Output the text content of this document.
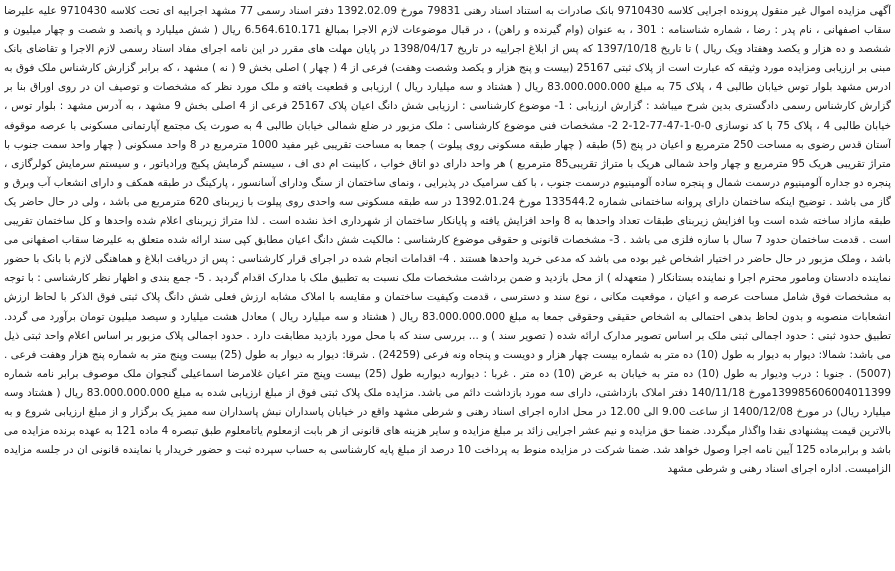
آگهی مزایده اموال غیر منقول پرونده اجرایی کلاسه 9710430 بانک صادرات به استناد اسناد رهنی 79831 مورخ 1392.02.09 دفتر اسناد رسمی 77 مشهد اجراییه ای تحت کلاسه 9710430 علیه علیرضا سقاب اصفهانی ، نام پدر : رضا ، شماره شناسنامه : 301 ، به عنوان (وام گیرنده و راهن) ، در قبال موضوعات لازم الاجرا بمبالغ 6.564.610.171 ریال ( شش میلیارد و پانصد و شصت و چهار میلیون و ششصد و ده هزار و یکصد وهفتاد ویک ریال ) تا تاریخ 1397/10/18 که پس از ابلاغ اجراییه در تاریخ 1398/04/17 در پایان مهلت های مقرر در این نامه اجرای مفاد اسناد رسمی لازم الاجرا و تقاضای بانک مبنی بر ارزیابی ومزایده مورد وثیقه که عبارت است از پلاک ثبتی 25167 (بیست و پنج هزار و یکصد وشصت وهفت) فرعی از 4 ( چهار ) اصلی بخش 9 ( نه ) مشهد ، که برابر گزارش کارشناس ملک فوق به ادرس مشهد بلوار توس خیابان طالبی 4 ، پلاک 75 به مبلغ 83.000.000.000 ریال ( هشتاد و سه میلیارد ریال ) ارزیابی و قطعیت یافته و ملک مورد نظر که مشخصات و توصیف ان در روی اوراق بنا بر گزارش کارشناس رسمی دادگستری بدین شرح میباشد : گزارش ارزیابی : 1- موضوع کارشناسی : ارزیابی شش دانگ اعیان پلاک 25167 فرعی از 4 اصلی بخش 9 مشهد ، به آدرس مشهد : بلوار توس ، خیابان طالبی 4 ، پلاک 75 با کد نوسازی 0-0-1-47-77-12-2 2- مشخصات فنی موضوع کارشناسی : ملک مزبور در ضلع شمالی خیابان طالبی 4 به صورت یک مجتمع آپارتمانی مسکونی با عرصه موقوفه آستان قدس رضوی به مساحت 250 مترمربع و اعیان در پنج (5) طبقه ( چهار طبقه مسکونی روی پیلوت ) جمعا به مساحت تقریبی غیر مفید 1000 مترمربع در 8 واحد مسکونی ( چهار واحد سمت جنوب با متراژ تقریبی هریک 95 مترمربع و چهار واحد شمالی هریک با متراژ تقریبی85 مترمربع ) هر واحد دارای دو اتاق خواب ، کابینت ام دی اف ، سیستم گرمایش پکیج ورادیاتور ، و سیستم سرمایش کولرگازی ، پنجره دو جداره آلومینیوم درسمت شمال و پنجره ساده آلومینیوم درسمت جنوب ، با کف سرامیک در پذیرایی ، ونمای ساختمان از سنگ ودارای آسانسور ، پارکینگ در طبقه همکف و دارای انشعاب آب وبرق و گاز می باشد . توضیح اینکه ساختمان دارای پروانه ساختمانی شماره 133544.2 مورخ 1392.01.24 در سه طبقه مسکونی سه واحدی روی پیلوت با زیربنای 620 مترمربع می باشد ، ولی در حال حاضر یک طبقه مازاد ساخته شده است وبا افزایش زیربنای طبقات تعداد واحدها به 8 واحد افزایش یافته و پایانکار ساختمان از شهرداری اخذ نشده است . لذا متراژ زیربنای اعلام شده واحدها و کل ساختمان تقریبی است . قدمت ساختمان حدود 7 سال با سازه فلزی می باشد . 3- مشخصات قانونی و حقوقی موضوع کارشناسی : مالکیت شش دانگ اعیان مطابق کپی سند ارائه شده متعلق به علیرضا سقاب اصفهانی می باشد ، وملک مزبور در حال حاضر در اختیار اشخاص غیر بوده می باشد که مدعی خرید واحدها هستند . 4- اقدامات انجام شده در اجرای قرار کارشناسی : پس از دریافت ابلاغ و هماهنگی لازم با بانک با حضور نماینده دادستان ومامور محترم اجرا و نماینده بستانکار ( متعهدله ) از محل بازدید و ضمن برداشت مشخصات ملک نسبت به تطبیق ملک با مدارک اقدام گردید . 5- جمع بندی و اظهار نظر کارشناسی : با توجه به مشخصات فوق شامل مساحت عرصه و اعیان ، موقعیت مکانی ، نوع سند و دسترسی ، قدمت وکیفیت ساختمان و مقایسه با املاک مشابه ارزش فعلی شش دانگ پلاک ثبتی فوق الذکر با لحاظ ارزش انشعابات منصوبه و بدون لحاظ بدهی احتمالی به اشخاص حقیقی وحقوقی جمعا به مبلغ 83.000.000.000 ریال ( هشتاد و سه میلیارد ریال ) معادل هشت میلیارد و سیصد میلیون تومان برآورد می گردد. تطبیق حدود ثبتی : حدود اجمالی ثبتی ملک بر اساس تصویر مدارک ارائه شده ( تصویر سند ) و ... بررسی سند که با محل مورد بازدید مطابقت دارد . حدود اجمالی پلاک مزبور بر اساس اعلام واحد ثبتی ذیل می باشد: شمالا: دیوار به دیوار به طول (10) ده متر به شماره بیست چهار هزار و دویست و پنجاه ونه فرعی (24259) . شرقا: دیوار به دیوار به طول (25) بیست وپنج متر به شماره پنج هزار وهفت فرعی . (5007) . جنوبا : درب ودیوار به طول (10) ده متر به خیابان به عرض (10) ده متر . غربا : دیواربه دیواربه طول (25) بیست وپنج متر اعیان غلامرضا اسماعیلی گنجوان ملک موصوف برابر نامه شماره 139985606004011399مورخ 140/11/18 دفتر املاک بازداشتی، دارای سه مورد بازداشت دائم می باشد. مزایده ملک پلاک ثبتی فوق از مبلغ ارزیابی شده به مبلغ 83.000.000.000 ریال ( هشتاد وسه میلیارد ریال) در مورخ 1400/12/08 از ساعت 9.00 الی 12.00 در محل اداره اجرای اسناد رهنی و شرطی مشهد واقع در خیابان پاسداران نبش پاسداران سه ممیز یک برگزار و از مبلغ ارزیابی شروع و به بالاترین قیمت پیشنهادی نقدا واگذار میگردد. ضمنا حق مزایده و نیم عشر اجرایی زائد بر مبلغ مزایده و سایر هزینه های قانونی از هر بابت ازمعلوم یاتامعلوم طبق تبصره 4 ماده 121 به عهده برنده مزایده می باشد و برابرماده 125 آیین نامه اجرا وصول خواهد شد. ضمنا شرکت در مزایده منوط به پرداخت 10 درصد از مبلغ پایه کارشناسی به حساب سپرده ثبت و حضور خریدار یا نماینده قانونی ان در جلسه مزایده الزامیست. اداره اجرای اسناد رهنی و شرطی مشهد
